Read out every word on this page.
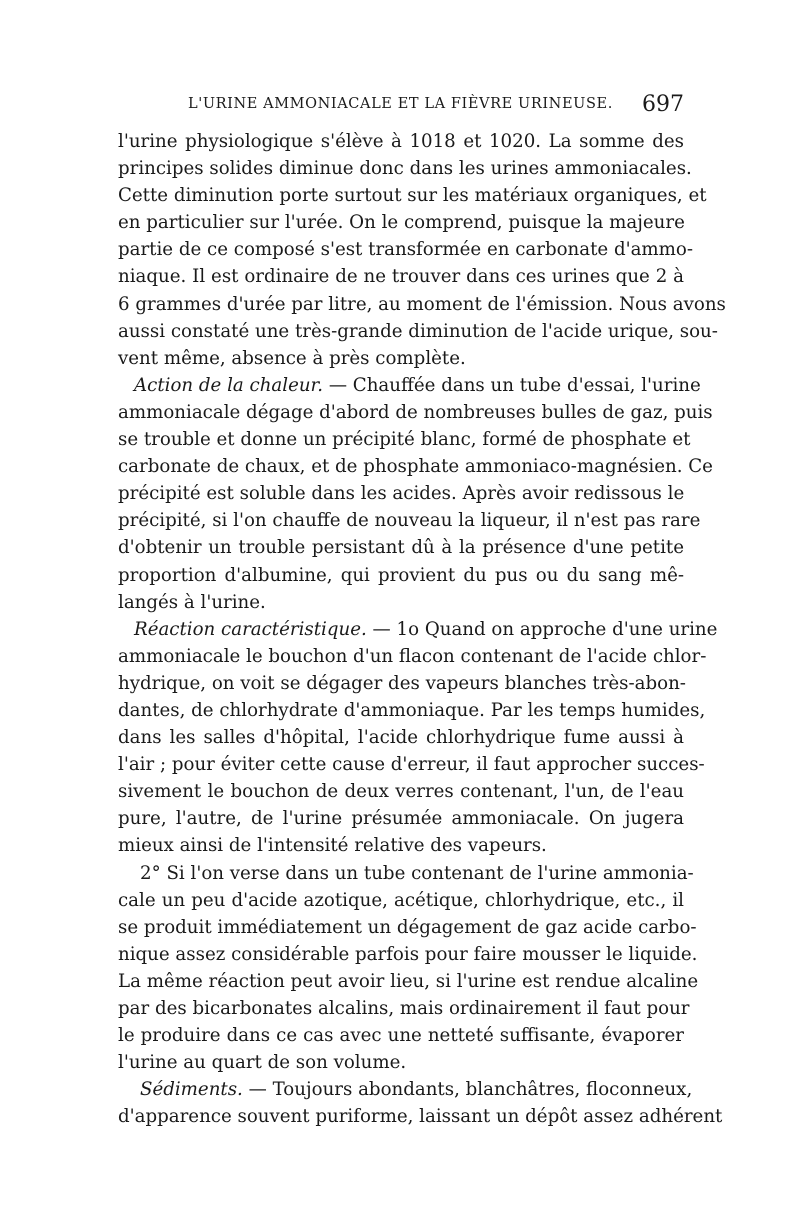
L'URINE AMMONIACALE ET LA FIÈVRE URINEUSE. 697
l'urine physiologique s'élève à 1018 et 1020. La somme des
principes solides diminue donc dans les urines ammoniacales.
Cette diminution porte surtout sur les matériaux organiques, et
en particulier sur l'urée. On le comprend, puisque la majeure
partie de ce composé s'est transformée en carbonate d'ammo-
niaque. Il est ordinaire de ne trouver dans ces urines que 2 à
6 grammes d'urée par litre, au moment de l'émission. Nous avons
aussi constaté une très-grande diminution de l'acide urique, sou-
vent même, absence à près complète.
Action de la chaleur. — Chauffée dans un tube d'essai, l'urine
ammoniacale dégage d'abord de nombreuses bulles de gaz, puis
se trouble et donne un précipité blanc, formé de phosphate et
carbonate de chaux, et de phosphate ammoniaco-magnésien. Ce
précipité est soluble dans les acides. Après avoir redissous le
précipité, si l'on chauffe de nouveau la liqueur, il n'est pas rare
d'obtenir un trouble persistant dû à la présence d'une petite
proportion d'albumine, qui provient du pus ou du sang mê-
langés à l'urine.
Réaction caractéristique. — 1o Quand on approche d'une urine
ammoniacale le bouchon d'un flacon contenant de l'acide chlor-
hydrique, on voit se dégager des vapeurs blanches très-abon-
dantes, de chlorhydrate d'ammoniaque. Par les temps humides,
dans les salles d'hôpital, l'acide chlorhydrique fume aussi à
l'air ; pour éviter cette cause d'erreur, il faut approcher succes-
sivement le bouchon de deux verres contenant, l'un, de l'eau
pure, l'autre, de l'urine présumée ammoniacale. On jugera
mieux ainsi de l'intensité relative des vapeurs.
2° Si l'on verse dans un tube contenant de l'urine ammonia-
cale un peu d'acide azotique, acétique, chlorhydrique, etc., il
se produit immédiatement un dégagement de gaz acide carbo-
nique assez considérable parfois pour faire mousser le liquide.
La même réaction peut avoir lieu, si l'urine est rendue alcaline
par des bicarbonates alcalins, mais ordinairement il faut pour
le produire dans ce cas avec une netteté suffisante, évaporer
l'urine au quart de son volume.
Sédiments. — Toujours abondants, blanchâtres, floconneux,
d'apparence souvent puriforme, laissant un dépôt assez adhérent
